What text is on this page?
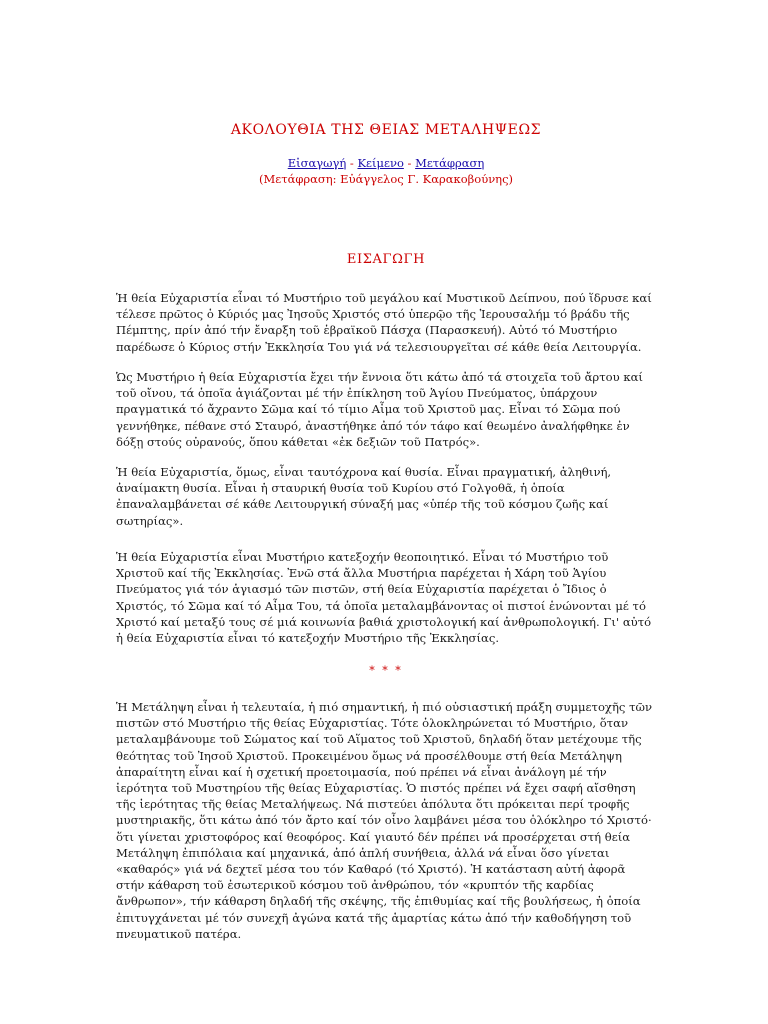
ΑΚΟΛΟΥΘΙΑ ΤΗΣ ΘΕΙΑΣ ΜΕΤΑΛΗΨΕΩΣ
Εἰσαγωγή - Κείμενο - Μετάφραση
(Μετάφραση: Εὐάγγελος Γ. Καρακοβούνης)
ΕΙΣΑΓΩΓΗ

Ἡ θεία Εὐχαριστία εἶναι τό Μυστήριο τοῦ μεγάλου καί Μυστικοῦ Δείπνου, πού ἵδρυσε καί τέλεσε πρῶτος ὁ Κύριός μας Ἰησοῦς Χριστός στό ὑπερῷο τῆς Ἱερουσαλήμ τό βράδυ τῆς Πέμπτης, πρίν ἀπό τήν ἔναρξη τοῦ ἑβραϊκοῦ Πάσχα (Παρασκευή). Αὐτό τό Μυστήριο παρέδωσε ὁ Κύριος στήν Ἐκκλησία Του γιά νά τελεσιουργεῖται σέ κάθε θεία Λειτουργία.

Ὡς Μυστήριο ἡ θεία Εὐχαριστία ἔχει τήν ἔννοια ὅτι κάτω ἀπό τά στοιχεῖα τοῦ ἄρτου καί τοῦ οἴνου, τά ὁποῖα ἁγιάζονται μέ τήν ἐπίκληση τοῦ Ἁγίου Πνεύματος, ὑπάρχουν πραγματικά τό ἄχραντο Σῶμα καί τό τίμιο Αἷμα τοῦ Χριστοῦ μας. Εἶναι τό Σῶμα πού γεννήθηκε, πέθανε στό Σταυρό, ἀναστήθηκε ἀπό τόν τάφο καί θεωμένο ἀναλήφθηκε ἐν δόξῃ στούς οὐρανούς, ὅπου κάθεται «ἐκ δεξιῶν τοῦ Πατρός».

Ἡ θεία Εὐχαριστία, ὅμως, εἶναι ταυτόχρονα καί θυσία. Εἶναι πραγματική, ἀληθινή, ἀναίμακτη θυσία. Εἶναι ἡ σταυρική θυσία τοῦ Κυρίου στό Γολγοθᾶ, ἡ ὁποία ἐπαναλαμβάνεται σέ κάθε Λειτουργική σύναξή μας «ὑπέρ τῆς τοῦ κόσμου ζωῆς καί σωτηρίας».

Ἡ θεία Εὐχαριστία εἶναι Μυστήριο κατεξοχήν θεοποιητικό. Εἶναι τό Μυστήριο τοῦ Χριστοῦ καί τῆς Ἐκκλησίας. Ἐνῶ στά ἄλλα Μυστήρια παρέχεται ἡ Χάρη τοῦ Ἁγίου Πνεύματος γιά τόν ἁγιασμό τῶν πιστῶν, στή θεία Εὐχαριστία παρέχεται ὁ Ἴδιος ὁ Χριστός, τό Σῶμα καί τό Αἷμα Του, τά ὁποῖα μεταλαμβάνοντας οἱ πιστοί ἑνώνονται μέ τό Χριστό καί μεταξύ τους σέ μιά κοινωνία βαθιά χριστολογική καί ἀνθρωπολογική. Γι' αὐτό ἡ θεία Εὐχαριστία εἶναι τό κατεξοχήν Μυστήριο τῆς Ἐκκλησίας.

* * *

Ἡ Μετάληψη εἶναι ἡ τελευταία, ἡ πιό σημαντική, ἡ πιό οὐσιαστική πράξη συμμετοχῆς τῶν πιστῶν στό Μυστήριο τῆς θείας Εὐχαριστίας. Τότε ὁλοκληρώνεται τό Μυστήριο, ὅταν μεταλαμβάνουμε τοῦ Σώματος καί τοῦ Αἵματος τοῦ Χριστοῦ, δηλαδή ὅταν μετέχουμε τῆς θεότητας τοῦ Ἰησοῦ Χριστοῦ. Προκειμένου ὅμως νά προσέλθουμε στή θεία Μετάληψη ἀπαραίτητη εἶναι καί ἡ σχετική προετοιμασία, πού πρέπει νά εἶναι ἀνάλογη μέ τήν ἱερότητα τοῦ Μυστηρίου τῆς θείας Εὐχαριστίας. Ὁ πιστός πρέπει νά ἔχει σαφή αἴσθηση τῆς ἱερότητας τῆς θείας Μεταλήψεως. Νά πιστεύει ἀπόλυτα ὅτι πρόκειται περί τροφῆς μυστηριακῆς, ὅτι κάτω ἀπό τόν ἄρτο καί τόν οἶνο λαμβάνει μέσα του ὁλόκληρο τό Χριστό· ὅτι γίνεται χριστοφόρος καί θεοφόρος. Καί γιαυτό δέν πρέπει νά προσέρχεται στή θεία Μετάληψη ἐπιπόλαια καί μηχανικά, ἀπό ἁπλή συνήθεια, ἀλλά νά εἶναι ὅσο γίνεται «καθαρός» γιά νά δεχτεῖ μέσα του τόν Καθαρό (τό Χριστό). Ἡ κατάσταση αὐτή ἀφορᾶ στήν κάθαρση τοῦ ἐσωτερικοῦ κόσμου τοῦ ἀνθρώπου, τόν «κρυπτόν τῆς καρδίας ἄνθρωπον», τήν κάθαρση δηλαδή τῆς σκέψης, τῆς ἐπιθυμίας καί τῆς βουλήσεως, ἡ ὁποία ἐπιτυγχάνεται μέ τόν συνεχῆ ἀγώνα κατά τῆς ἁμαρτίας κάτω ἀπό τήν καθοδήγηση τοῦ πνευματικοῦ πατέρα.
